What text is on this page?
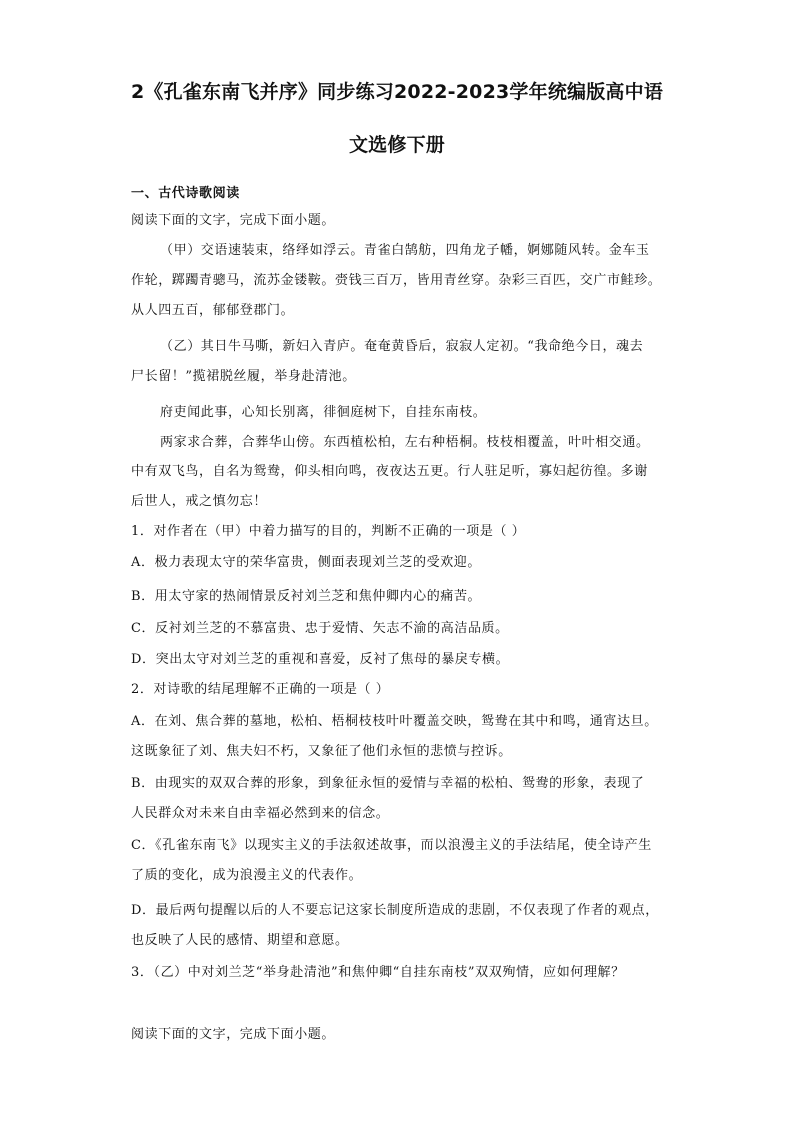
2《孔雀东南飞并序》同步练习2022-2023学年统编版高中语
文选修下册
一、古代诗歌阅读
阅读下面的文字，完成下面小题。
（甲）交语速装束，络绎如浮云。青雀白鹄舫，四角龙子幡，婀娜随风转。金车玉
作轮，踯躅青骢马，流苏金镂鞍。赍钱三百万，皆用青丝穿。杂彩三百匹，交广市鲑珍。
从人四五百，郁郁登郡门。
（乙）其日牛马嘶，新妇入青庐。奄奄黄昏后，寂寂人定初。“我命绝今日，魂去
尸长留！”揽裙脱丝履，举身赴清池。
府吏闻此事，心知长别离，徘徊庭树下，自挂东南枝。
两家求合葬，合葬华山傍。东西植松柏，左右种梧桐。枝枝相覆盖，叶叶相交通。
中有双飞鸟，自名为鸳鸯，仰头相向鸣，夜夜达五更。行人驻足听，寡妇起彷徨。多谢
后世人，戒之慎勿忘！
1．对作者在（甲）中着力描写的目的，判断不正确的一项是（ ）
A．极力表现太守的荣华富贵，侧面表现刘兰芝的受欢迎。
B．用太守家的热闹情景反衬刘兰芝和焦仲卿内心的痛苦。
C．反衬刘兰芝的不慕富贵、忠于爱情、矢志不渝的高洁品质。
D．突出太守对刘兰芝的重视和喜爱，反衬了焦母的暴戾专横。
2．对诗歌的结尾理解不正确的一项是（ ）
A．在刘、焦合葬的墓地，松柏、梧桐枝枝叶叶覆盖交映，鸳鸯在其中和鸣，通宵达旦。
这既象征了刘、焦夫妇不朽，又象征了他们永恒的悲愤与控诉。
B．由现实的双双合葬的形象，到象征永恒的爱情与幸福的松柏、鸳鸯的形象，表现了
人民群众对未来自由幸福必然到来的信念。
C．《孔雀东南飞》以现实主义的手法叙述故事，而以浪漫主义的手法结尾，使全诗产生
了质的变化，成为浪漫主义的代表作。
D．最后两句提醒以后的人不要忘记这家长制度所造成的悲剧，不仅表现了作者的观点，
也反映了人民的感情、期望和意愿。
3．（乙）中对刘兰芝“举身赴清池”和焦仲卿“自挂东南枝”双双殉情，应如何理解？
阅读下面的文字，完成下面小题。
